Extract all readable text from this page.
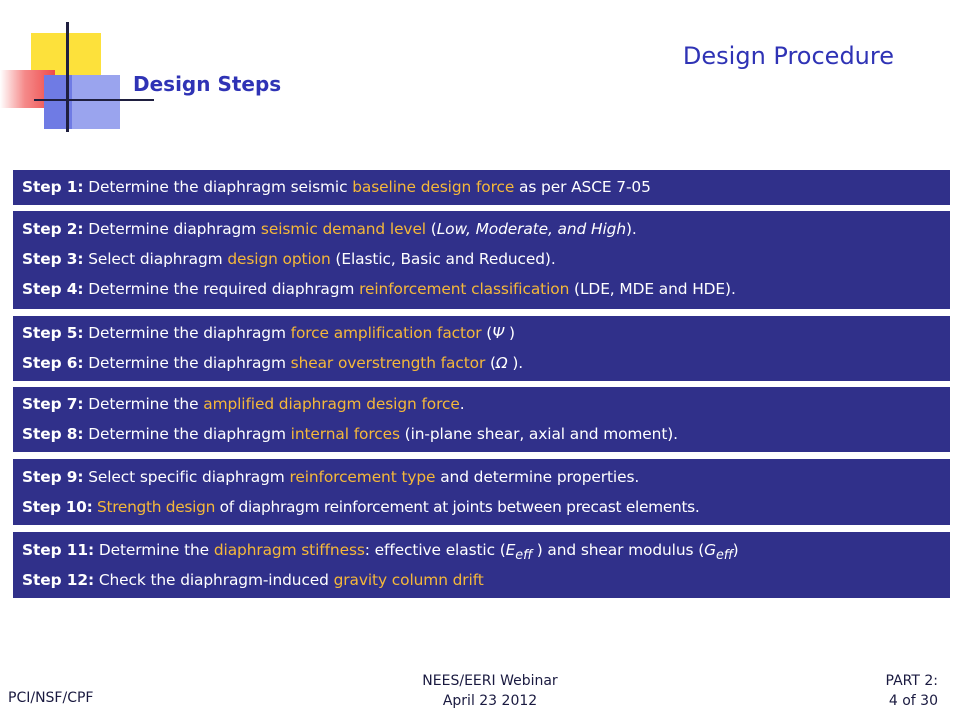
Design Procedure
Design Steps
Step 1: Determine the diaphragm seismic baseline design force as per ASCE 7-05
Step 2: Determine diaphragm seismic demand level (Low, Moderate, and High).
Step 3: Select diaphragm design option (Elastic, Basic and Reduced).
Step 4: Determine the required diaphragm reinforcement classification (LDE, MDE and HDE).
Step 5: Determine the diaphragm force amplification factor (Ψ )
Step 6: Determine the diaphragm shear overstrength factor (Ω ).
Step 7: Determine the amplified diaphragm design force.
Step 8: Determine the diaphragm internal forces (in-plane shear, axial and moment).
Step 9: Select specific diaphragm reinforcement type and determine properties.
Step 10: Strength design of diaphragm reinforcement at joints between precast elements.
Step 11: Determine the diaphragm stiffness: effective elastic ($E_{eff}$ ) and shear modulus $(G_{eff})$
Step 12: Check the diaphragm-induced gravity column drift
PCI/NSF/CPF
NEES/EERI Webinar
April 23 2012
PART 2:
4 of 30
